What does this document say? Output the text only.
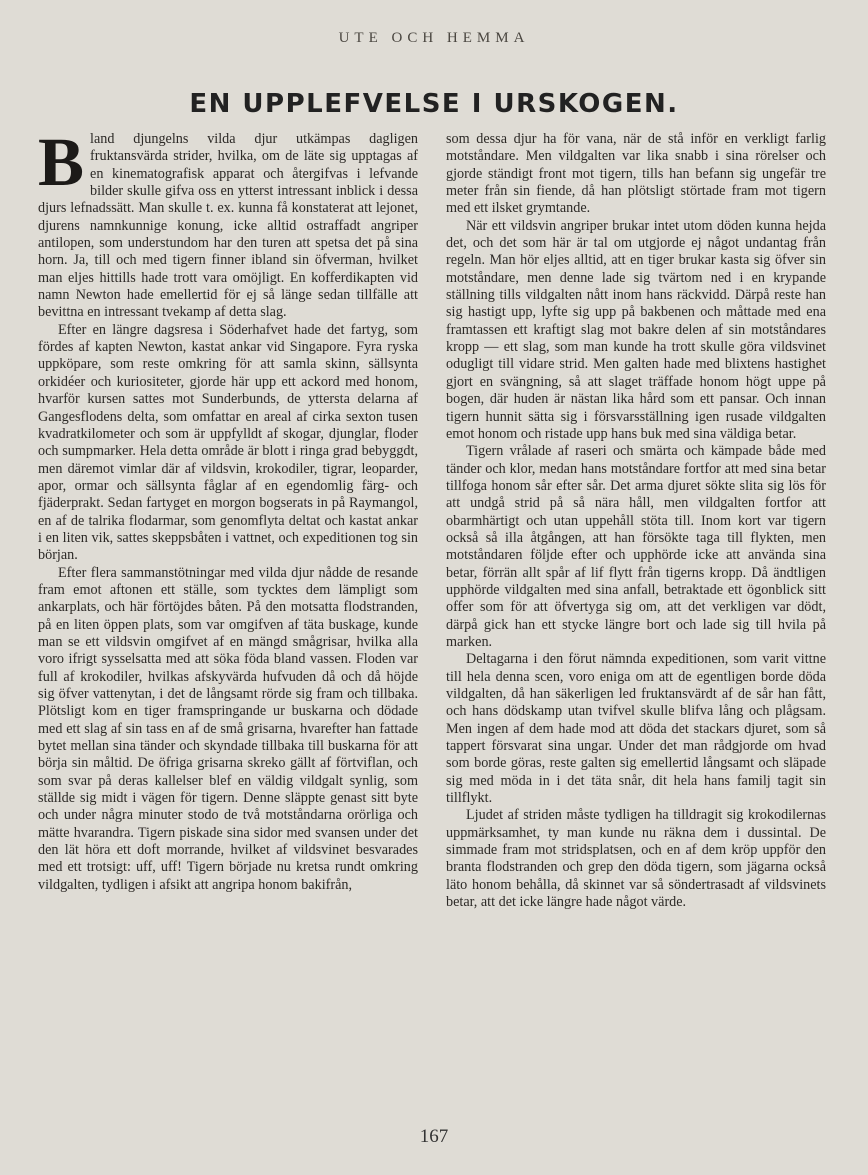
UTE OCH HEMMA
EN UPPLEFVELSE I URSKOGEN.

Bland djungelns vilda djur utkämpas dagligen fruktansvärda strider, hvilka, om de läte sig upptagas af en kinematografisk apparat och återgifvas i lefvande bilder skulle gifva oss en ytterst intressant inblick i dessa djurs lefnadssätt. Man skulle t. ex. kunna få konstaterat att lejonet, djurens namnkunnige konung, icke alltid ostraffadt angriper antilopen, som understundom har den turen att spetsa det på sina horn. Ja, till och med tigern finner ibland sin öfverman, hvilket man eljes hittills hade trott vara omöjligt. En kofferdikapten vid namn Newton hade emellertid för ej så länge sedan tillfälle att bevittna en intressant tvekamp af detta slag.

Efter en längre dagsresa i Söderhafvet hade det fartyg, som fördes af kapten Newton, kastat ankar vid Singapore. Fyra ryska uppköpare, som reste omkring för att samla skinn, sällsynta orkidéer och kuriositeter, gjorde här upp ett ackord med honom, hvarför kursen sattes mot Sunderbunds, de yttersta delarna af Gangesflodens delta, som omfattar en areal af cirka sexton tusen kvadratkilometer och som är uppfylldt af skogar, djunglar, floder och sumpmarker. Hela detta område är blott i ringa grad bebyggdt, men däremot vimlar där af vildsvin, krokodiler, tigrar, leoparder, apor, ormar och sällsynta fåglar af en egendomlig färg- och fjäderprakt. Sedan fartyget en morgon bogserats in på Raymangol, en af de talrika flodarmar, som genomflyta deltat och kastat ankar i en liten vik, sattes skeppsbåten i vattnet, och expeditionen tog sin början.

Efter flera sammanstötningar med vilda djur nådde de resande fram emot aftonen ett ställe, som tycktes dem lämpligt som ankarplats, och här förtöjdes båten. På den motsatta flodstranden, på en liten öppen plats, som var omgifven af täta buskage, kunde man se ett vildsvin omgifvet af en mängd smågrisar, hvilka alla voro ifrigt sysselsatta med att söka föda bland vassen. Floden var full af krokodiler, hvilkas afskyvärda hufvuden då och då höjde sig öfver vattenytan, i det de långsamt rörde sig fram och tillbaka. Plötsligt kom en tiger framspringande ur buskarna och dödade med ett slag af sin tass en af de små grisarna, hvarefter han fattade bytet mellan sina tänder och skyndade tillbaka till buskarna för att börja sin måltid. De öfriga grisarna skreko gällt af förtviflan, och som svar på deras kallelser blef en väldig vildgalt synlig, som ställde sig midt i vägen för tigern. Denne släppte genast sitt byte och under några minuter stodo de två motståndarna orörliga och mätte hvarandra. Tigern piskade sina sidor med svansen under det den lät höra ett doft morrande, hvilket af vildsvinet besvarades med ett trotsigt: uff, uff! Tigern började nu kretsa rundt omkring vildgalten, tydligen i afsikt att angripa honom bakifrån,

som dessa djur ha för vana, när de stå inför en verkligt farlig motståndare. Men vildgalten var lika snabb i sina rörelser och gjorde ständigt front mot tigern, tills han befann sig ungefär tre meter från sin fiende, då han plötsligt störtade fram mot tigern med ett ilsket grymtande.

När ett vildsvin angriper brukar intet utom döden kunna hejda det, och det som här är tal om utgjorde ej något undantag från regeln. Man hör eljes alltid, att en tiger brukar kasta sig öfver sin motståndare, men denne lade sig tvärtom ned i en krypande ställning tills vildgalten nått inom hans räckvidd. Därpå reste han sig hastigt upp, lyfte sig upp på bakbenen och måttade med ena framtassen ett kraftigt slag mot bakre delen af sin motståndares kropp — ett slag, som man kunde ha trott skulle göra vildsvinet odugligt till vidare strid. Men galten hade med blixtens hastighet gjort en svängning, så att slaget träffade honom högt uppe på bogen, där huden är nästan lika hård som ett pansar. Och innan tigern hunnit sätta sig i försvarsställning igen rusade vildgalten emot honom och ristade upp hans buk med sina väldiga betar.

Tigern vrålade af raseri och smärta och kämpade både med tänder och klor, medan hans motståndare fortfor att med sina betar tillfoga honom sår efter sår. Det arma djuret sökte slita sig lös för att undgå strid på så nära håll, men vildgalten fortfor att obarmhärtigt och utan uppehåll stöta till. Inom kort var tigern också så illa åtgången, att han försökte taga till flykten, men motståndaren följde efter och upphörde icke att använda sina betar, förrän allt spår af lif flytt från tigerns kropp. Då ändtligen upphörde vildgalten med sina anfall, betraktade ett ögonblick sitt offer som för att öfvertyga sig om, att det verkligen var dödt, därpå gick han ett stycke längre bort och lade sig till hvila på marken.

Deltagarna i den förut nämnda expeditionen, som varit vittne till hela denna scen, voro eniga om att de egentligen borde döda vildgalten, då han säkerligen led fruktansvärdt af de sår han fått, och hans dödskamp utan tvifvel skulle blifva lång och plågsam. Men ingen af dem hade mod att döda det stackars djuret, som så tappert försvarat sina ungar. Under det man rådgjorde om hvad som borde göras, reste galten sig emellertid långsamt och släpade sig med möda in i det täta snår, dit hela hans familj tagit sin tillflykt.

Ljudet af striden måste tydligen ha tilldragit sig krokodilernas uppmärksamhet, ty man kunde nu räkna dem i dussintal. De simmade fram mot stridsplatsen, och en af dem kröp uppför den branta flodstranden och grep den döda tigern, som jägarna också läto honom behålla, då skinnet var så söndertrasadt af vildsvinets betar, att det icke längre hade något värde.

167
